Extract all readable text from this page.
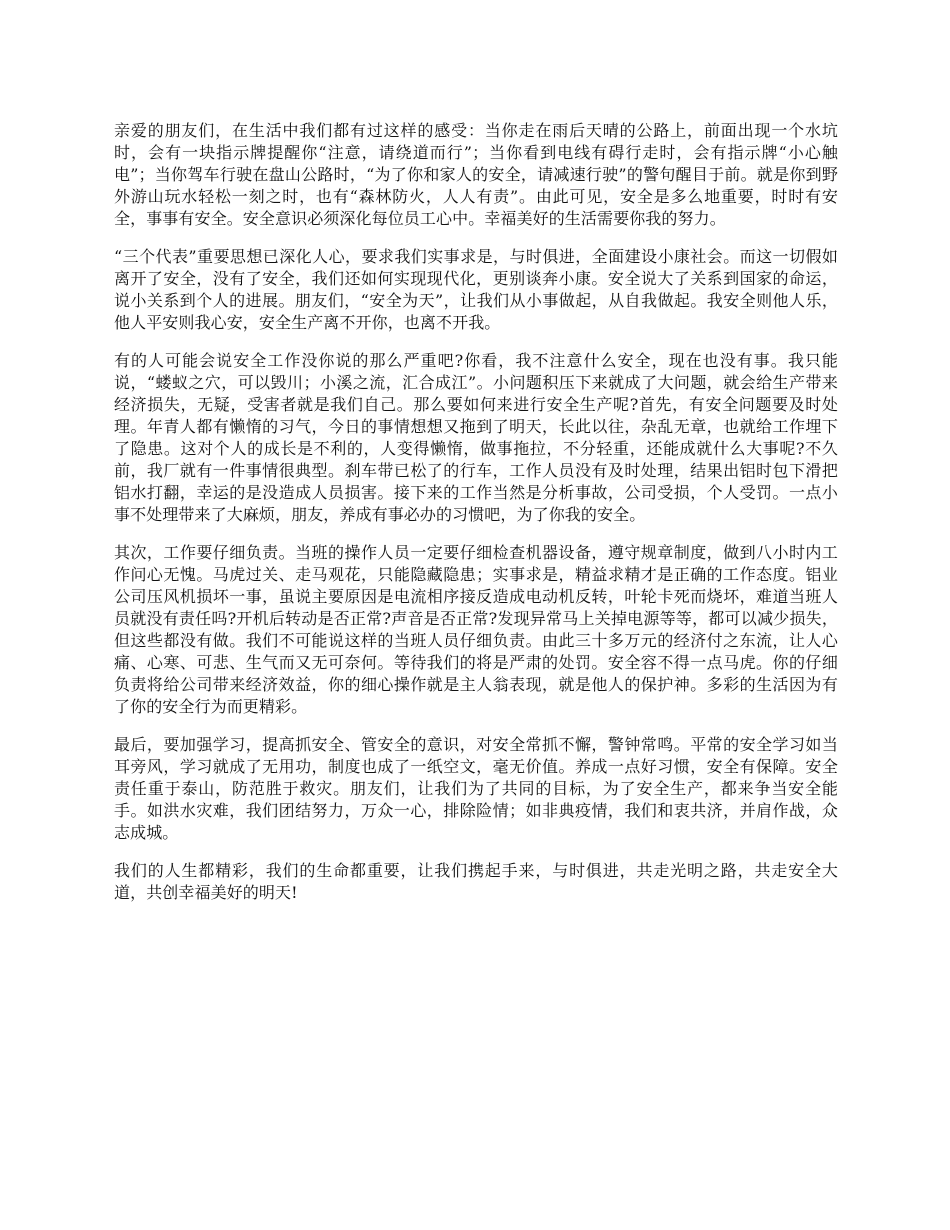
亲爱的朋友们，在生活中我们都有过这样的感受：当你走在雨后天晴的公路上，前面出现一个水坑时，会有一块指示牌提醒你“注意，请绕道而行”；当你看到电线有碍行走时，会有指示牌“小心触电”；当你驾车行驶在盘山公路时，“为了你和家人的安全，请减速行驶”的警句醒目于前。就是你到野外游山玩水轻松一刻之时，也有“森林防火，人人有责”。由此可见，安全是多么地重要，时时有安全，事事有安全。安全意识必须深化每位员工心中。幸福美好的生活需要你我的努力。

“三个代表”重要思想已深化人心，要求我们实事求是，与时俱进，全面建设小康社会。而这一切假如离开了安全，没有了安全，我们还如何实现现代化，更别谈奔小康。安全说大了关系到国家的命运，说小关系到个人的进展。朋友们，“安全为天”，让我们从小事做起，从自我做起。我安全则他人乐，他人平安则我心安，安全生产离不开你，也离不开我。

有的人可能会说安全工作没你说的那么严重吧?你看，我不注意什么安全，现在也没有事。我只能说，“蝼蚁之穴，可以毁川；小溪之流，汇合成江”。小问题积压下来就成了大问题，就会给生产带来经济损失，无疑，受害者就是我们自己。那么要如何来进行安全生产呢?首先，有安全问题要及时处理。年青人都有懒惰的习气，今日的事情想想又拖到了明天，长此以往，杂乱无章，也就给工作埋下了隐患。这对个人的成长是不利的，人变得懒惰，做事拖拉，不分轻重，还能成就什么大事呢?不久前，我厂就有一件事情很典型。刹车带已松了的行车，工作人员没有及时处理，结果出铝时包下滑把铝水打翻，幸运的是没造成人员损害。接下来的工作当然是分析事故，公司受损，个人受罚。一点小事不处理带来了大麻烦，朋友，养成有事必办的习惯吧，为了你我的安全。

其次，工作要仔细负责。当班的操作人员一定要仔细检查机器设备，遵守规章制度，做到八小时内工作问心无愧。马虎过关、走马观花，只能隐藏隐患；实事求是，精益求精才是正确的工作态度。铝业公司压风机损坏一事，虽说主要原因是电流相序接反造成电动机反转，叶轮卡死而烧坏，难道当班人员就没有责任吗?开机后转动是否正常?声音是否正常?发现异常马上关掉电源等等，都可以减少损失，但这些都没有做。我们不可能说这样的当班人员仔细负责。由此三十多万元的经济付之东流，让人心痛、心寒、可悲、生气而又无可奈何。等待我们的将是严肃的处罚。安全容不得一点马虎。你的仔细负责将给公司带来经济效益，你的细心操作就是主人翁表现，就是他人的保护神。多彩的生活因为有了你的安全行为而更精彩。

最后，要加强学习，提高抓安全、管安全的意识，对安全常抓不懈，警钟常鸣。平常的安全学习如当耳旁风，学习就成了无用功，制度也成了一纸空文，毫无价值。养成一点好习惯，安全有保障。安全责任重于泰山，防范胜于救灾。朋友们，让我们为了共同的目标，为了安全生产，都来争当安全能手。如洪水灾难，我们团结努力，万众一心，排除险情；如非典疫情，我们和衷共济，并肩作战，众志成城。

我们的人生都精彩，我们的生命都重要，让我们携起手来，与时俱进，共走光明之路，共走安全大道，共创幸福美好的明天!
